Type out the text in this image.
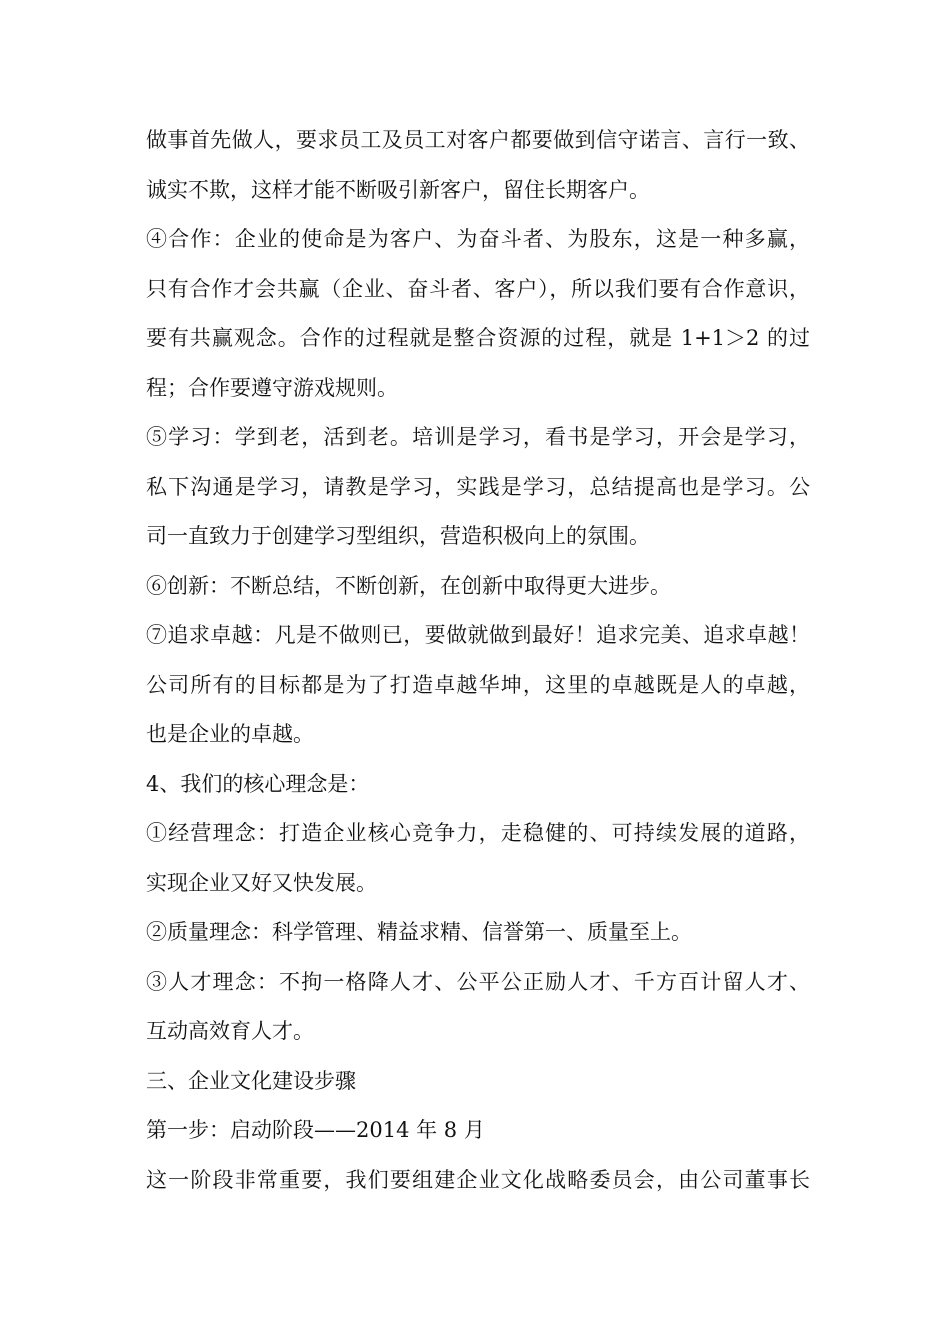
做事首先做人，要求员工及员工对客户都要做到信守诺言、言行一致、
诚实不欺，这样才能不断吸引新客户，留住长期客户。
④合作：企业的使命是为客户、为奋斗者、为股东，这是一种多赢，
只有合作才会共赢（企业、奋斗者、客户），所以我们要有合作意识，
要有共赢观念。合作的过程就是整合资源的过程，就是 1+1＞2 的过
程；合作要遵守游戏规则。
⑤学习：学到老，活到老。培训是学习，看书是学习，开会是学习，
私下沟通是学习，请教是学习，实践是学习，总结提高也是学习。公
司一直致力于创建学习型组织，营造积极向上的氛围。
⑥创新：不断总结，不断创新，在创新中取得更大进步。
⑦追求卓越：凡是不做则已，要做就做到最好！追求完美、追求卓越！
公司所有的目标都是为了打造卓越华坤，这里的卓越既是人的卓越，
也是企业的卓越。
4、我们的核心理念是：
①经营理念：打造企业核心竞争力，走稳健的、可持续发展的道路，
实现企业又好又快发展。
②质量理念：科学管理、精益求精、信誉第一、质量至上。
③人才理念：不拘一格降人才、公平公正励人才、千方百计留人才、
互动高效育人才。
三、企业文化建设步骤
第一步：启动阶段——2014 年 8 月
这一阶段非常重要，我们要组建企业文化战略委员会，由公司董事长
